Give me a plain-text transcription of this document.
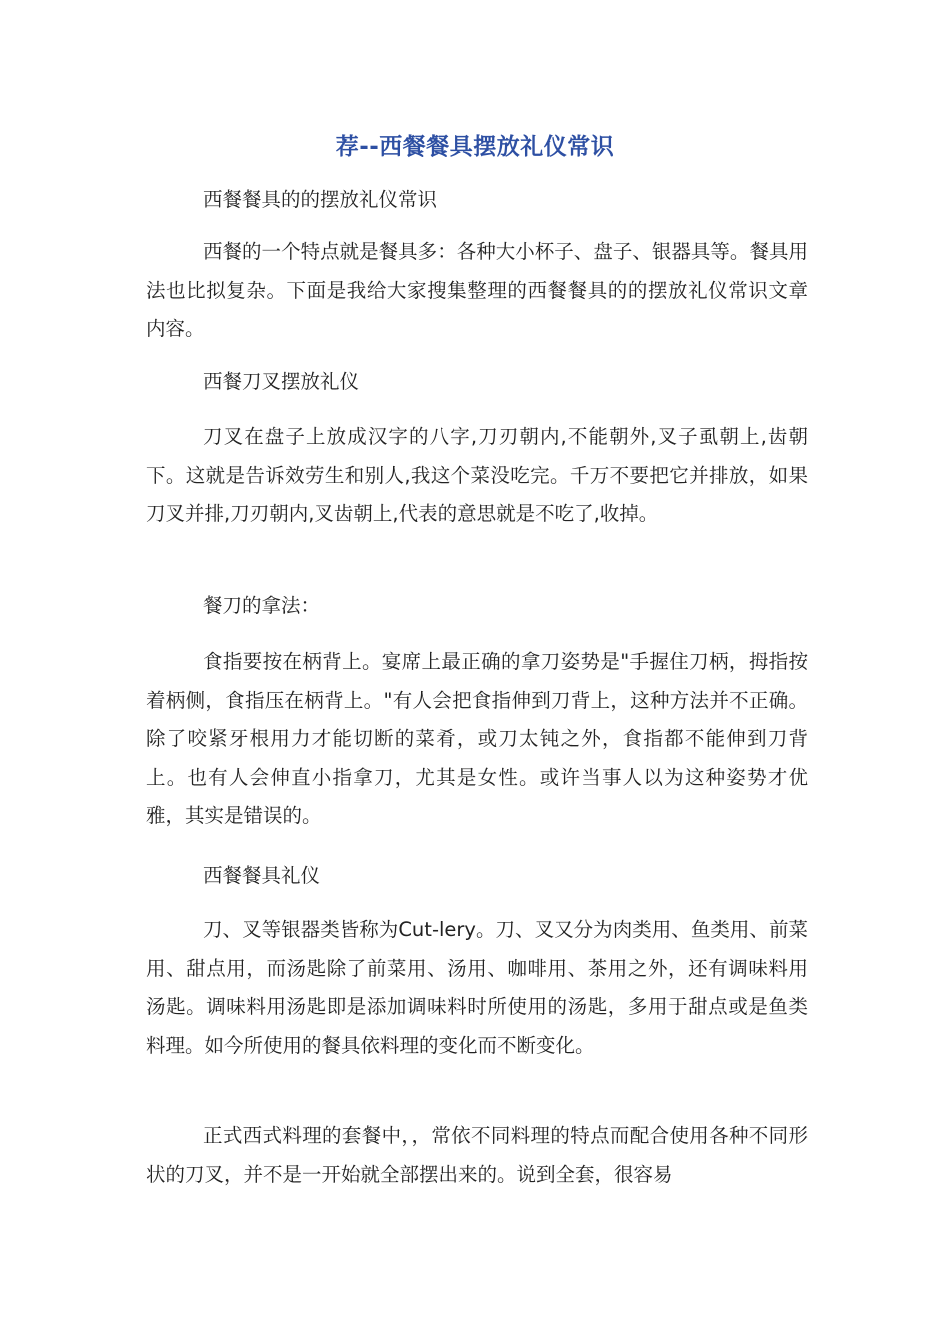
荐--西餐餐具摆放礼仪常识

西餐餐具的的摆放礼仪常识

西餐的一个特点就是餐具多：各种大小杯子、盘子、银器具等。餐具用法也比拟复杂。下面是我给大家搜集整理的西餐餐具的的摆放礼仪常识文章内容。

西餐刀叉摆放礼仪

刀叉在盘子上放成汉字的八字,刀刃朝内,不能朝外,叉子虱朝上,齿朝下。这就是告诉效劳生和别人,我这个菜没吃完。千万不要把它并排放，如果刀叉并排,刀刃朝内,叉齿朝上,代表的意思就是不吃了,收掉。

餐刀的拿法：

食指要按在柄背上。宴席上最正确的拿刀姿势是"手握住刀柄，拇指按着柄侧，食指压在柄背上。"有人会把食指伸到刀背上，这种方法并不正确。除了咬紧牙根用力才能切断的菜肴，或刀太钝之外，食指都不能伸到刀背上。也有人会伸直小指拿刀，尤其是女性。或许当事人以为这种姿势才优雅，其实是错误的。

西餐餐具礼仪

刀、叉等银器类皆称为Cut-lery。刀、叉又分为肉类用、鱼类用、前菜用、甜点用，而汤匙除了前菜用、汤用、咖啡用、茶用之外，还有调味料用汤匙。调味料用汤匙即是添加调味料时所使用的汤匙，多用于甜点或是鱼类料理。如今所使用的餐具依料理的变化而不断变化。

正式西式料理的套餐中，，常依不同料理的特点而配合使用各种不同形状的刀叉，并不是一开始就全部摆出来的。说到全套，很容易
